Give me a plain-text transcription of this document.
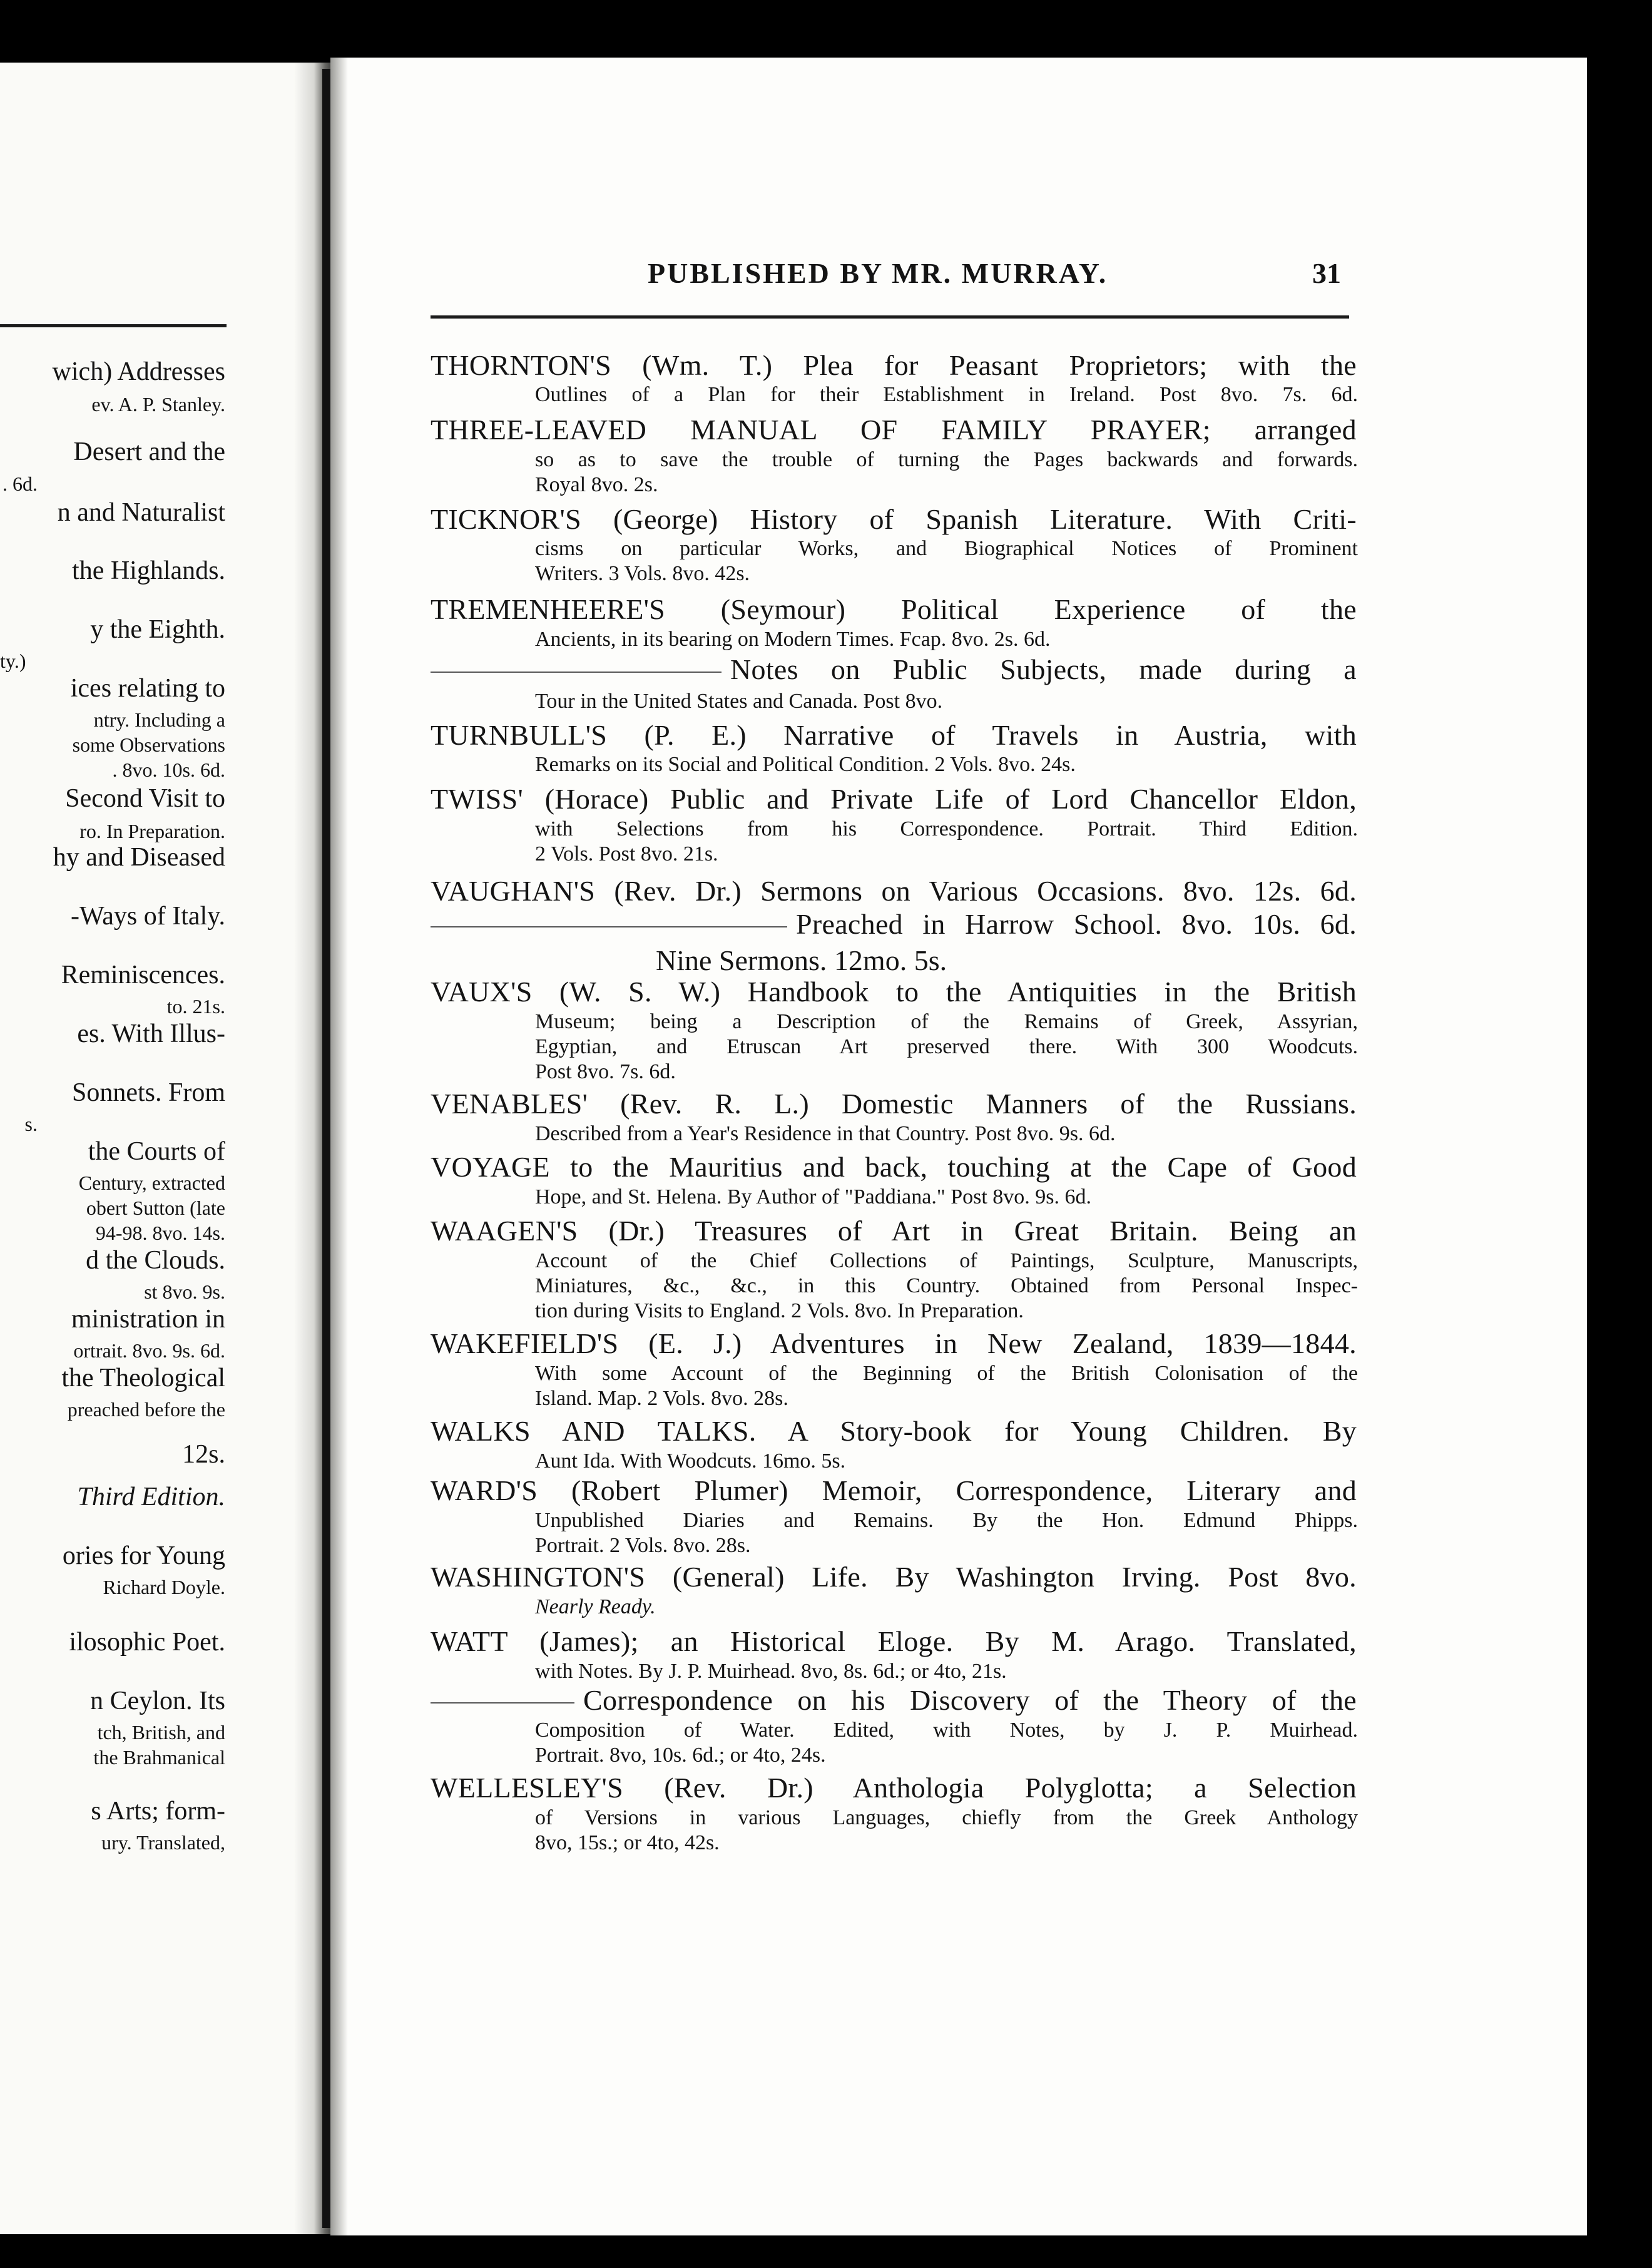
wich) Addresses
ev. A. P. Stanley.
Desert and the
. 6d.
n and Naturalist
the Highlands.
y the Eighth.
ty.)
ices relating to
ntry. Including a
some Observations
. 8vo. 10s. 6d.
Second Visit to
ro. In Preparation.
hy and Diseased
-Ways of Italy.
Reminiscences.
to. 21s.
es. With Illus-
Sonnets. From
s.
the Courts of
Century, extracted
obert Sutton (late
94-98. 8vo. 14s.
d the Clouds.
st 8vo. 9s.
ministration in
ortrait. 8vo. 9s. 6d.
the Theological
preached before the
12s.
Third Edition.
ories for Young
Richard Doyle.
ilosophic Poet.
n Ceylon. Its
tch, British, and
the Brahmanical
s Arts; form-
ury. Translated,
PUBLISHED BY MR. MURRAY.	31
THORNTON'S (Wm. T.) Plea for Peasant Proprietors; with the
Outlines of a Plan for their Establishment in Ireland. Post 8vo. 7s. 6d.
THREE-LEAVED MANUAL OF FAMILY PRAYER; arranged
so as to save the trouble of turning the Pages backwards and forwards.
Royal 8vo. 2s.
TICKNOR'S (George) History of Spanish Literature. With Criti-
cisms on particular Works, and Biographical Notices of Prominent
Writers. 3 Vols. 8vo. 42s.
TREMENHEERE'S (Seymour) Political Experience of the
Ancients, in its bearing on Modern Times. Fcap. 8vo. 2s. 6d.
Notes on Public Subjects, made during a
Tour in the United States and Canada. Post 8vo.
TURNBULL'S (P. E.) Narrative of Travels in Austria, with
Remarks on its Social and Political Condition. 2 Vols. 8vo. 24s.
TWISS' (Horace) Public and Private Life of Lord Chancellor Eldon,
with Selections from his Correspondence. Portrait. Third Edition.
2 Vols. Post 8vo. 21s.
VAUGHAN'S (Rev. Dr.) Sermons on Various Occasions. 8vo. 12s. 6d.
Preached in Harrow School. 8vo. 10s. 6d.
Nine Sermons. 12mo. 5s.
VAUX'S (W. S. W.) Handbook to the Antiquities in the British
Museum; being a Description of the Remains of Greek, Assyrian,
Egyptian, and Etruscan Art preserved there. With 300 Woodcuts.
Post 8vo. 7s. 6d.
VENABLES' (Rev. R. L.) Domestic Manners of the Russians.
Described from a Year's Residence in that Country. Post 8vo. 9s. 6d.
VOYAGE to the Mauritius and back, touching at the Cape of Good
Hope, and St. Helena. By Author of "Paddiana." Post 8vo. 9s. 6d.
WAAGEN'S (Dr.) Treasures of Art in Great Britain. Being an
Account of the Chief Collections of Paintings, Sculpture, Manuscripts,
Miniatures, &c., &c., in this Country. Obtained from Personal Inspec-
tion during Visits to England. 2 Vols. 8vo. In Preparation.
WAKEFIELD'S (E. J.) Adventures in New Zealand, 1839—1844.
With some Account of the Beginning of the British Colonisation of the
Island. Map. 2 Vols. 8vo. 28s.
WALKS AND TALKS. A Story-book for Young Children. By
Aunt Ida. With Woodcuts. 16mo. 5s.
WARD'S (Robert Plumer) Memoir, Correspondence, Literary and
Unpublished Diaries and Remains. By the Hon. Edmund Phipps.
Portrait. 2 Vols. 8vo. 28s.
WASHINGTON'S (General) Life. By Washington Irving. Post 8vo.
Nearly Ready.
WATT (James); an Historical Eloge. By M. Arago. Translated,
with Notes. By J. P. Muirhead. 8vo, 8s. 6d.; or 4to, 21s.
Correspondence on his Discovery of the Theory of the
Composition of Water. Edited, with Notes, by J. P. Muirhead.
Portrait. 8vo, 10s. 6d.; or 4to, 24s.
WELLESLEY'S (Rev. Dr.) Anthologia Polyglotta; a Selection
of Versions in various Languages, chiefly from the Greek Anthology
8vo, 15s.; or 4to, 42s.
